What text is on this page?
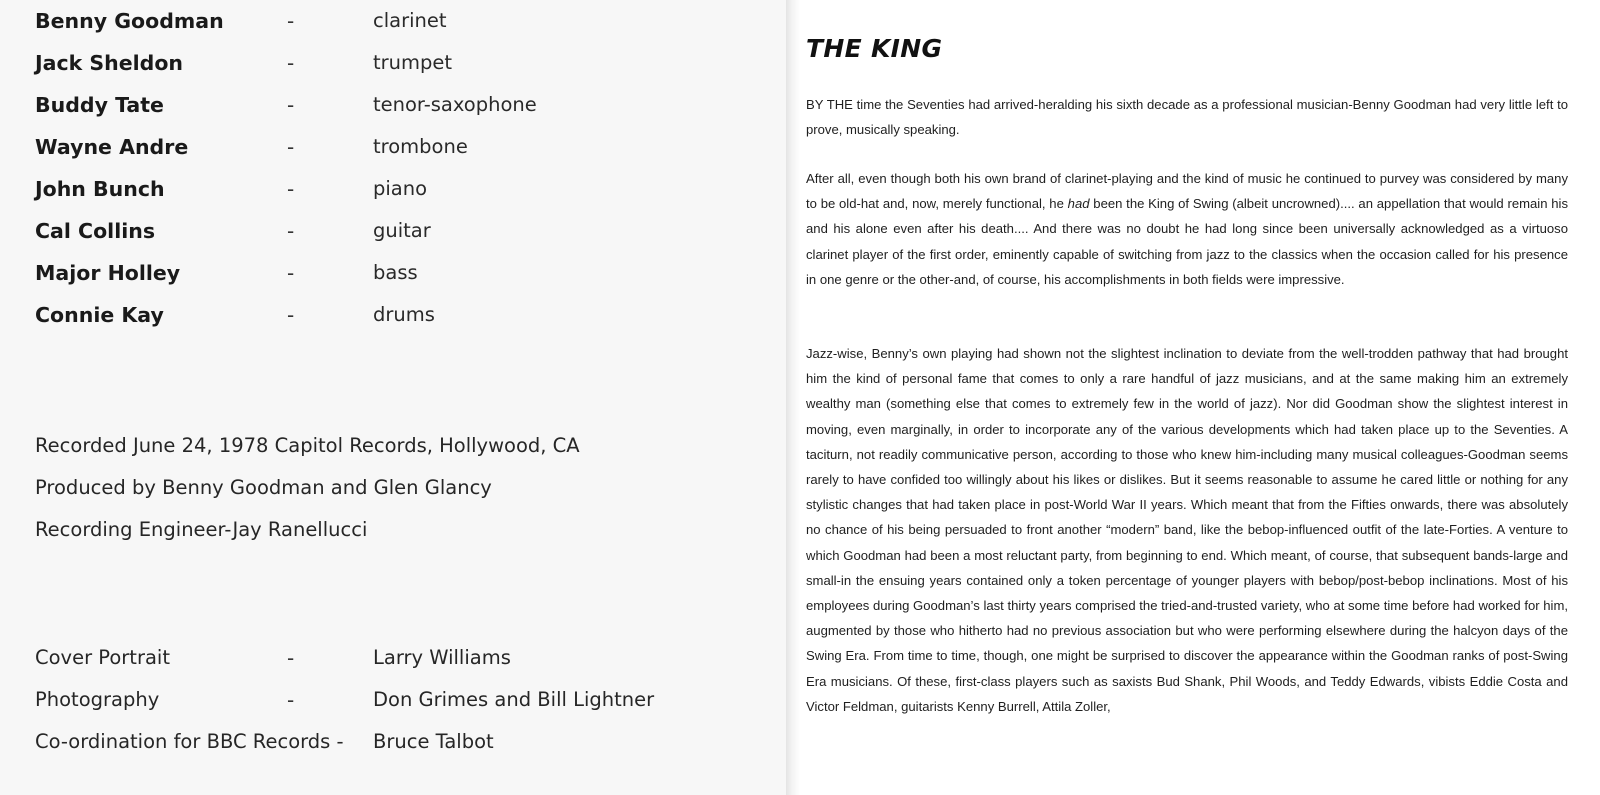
Benny Goodman	-	clarinet
Jack Sheldon	-	trumpet
Buddy Tate	-	tenor-saxophone
Wayne Andre	-	trombone
John Bunch	-	piano
Cal Collins	-	guitar
Major Holley	-	bass
Connie Kay	-	drums
Recorded June 24, 1978 Capitol Records, Hollywood, CA
Produced by Benny Goodman and Glen Glancy
Recording Engineer-Jay Ranellucci
Cover Portrait	-	Larry Williams
Photography	-	Don Grimes and Bill Lightner
Co-ordination for BBC Records - Bruce Talbot
THE KING

BY THE time the Seventies had arrived-heralding his sixth decade as a professional musician-Benny Goodman had very little left to prove, musically speaking.

After all, even though both his own brand of clarinet-playing and the kind of music he continued to purvey was considered by many to be old-hat and, now, merely functional, he had been the King of Swing (albeit uncrowned).... an appellation that would remain his and his alone even after his death.... And there was no doubt he had long since been universally acknowledged as a virtuoso clarinet player of the first order, eminently capable of switching from jazz to the classics when the occasion called for his presence in one genre or the other-and, of course, his accomplishments in both fields were impressive.

Jazz-wise, Benny’s own playing had shown not the slightest inclination to deviate from the well-trodden pathway that had brought him the kind of personal fame that comes to only a rare handful of jazz musicians, and at the same making him an extremely wealthy man (something else that comes to extremely few in the world of jazz). Nor did Goodman show the slightest interest in moving, even marginally, in order to incorporate any of the various developments which had taken place up to the Seventies. A taciturn, not readily communicative person, according to those who knew him-including many musical colleagues-Goodman seems rarely to have confided too willingly about his likes or dislikes. But it seems reasonable to assume he cared little or nothing for any stylistic changes that had taken place in post-World War II years. Which meant that from the Fifties onwards, there was absolutely no chance of his being persuaded to front another “modern” band, like the bebop-influenced outfit of the late-Forties. A venture to which Goodman had been a most reluctant party, from beginning to end. Which meant, of course, that subsequent bands-large and small-in the ensuing years contained only a token percentage of younger players with bebop/post-bebop inclinations. Most of his employees during Goodman’s last thirty years comprised the tried-and-trusted variety, who at some time before had worked for him, augmented by those who hitherto had no previous association but who were performing elsewhere during the halcyon days of the Swing Era. From time to time, though, one might be surprised to discover the appearance within the Goodman ranks of post-Swing Era musicians. Of these, first-class players such as saxists Bud Shank, Phil Woods, and Teddy Edwards, vibists Eddie Costa and Victor Feldman, guitarists Kenny Burrell, Attila Zoller,
